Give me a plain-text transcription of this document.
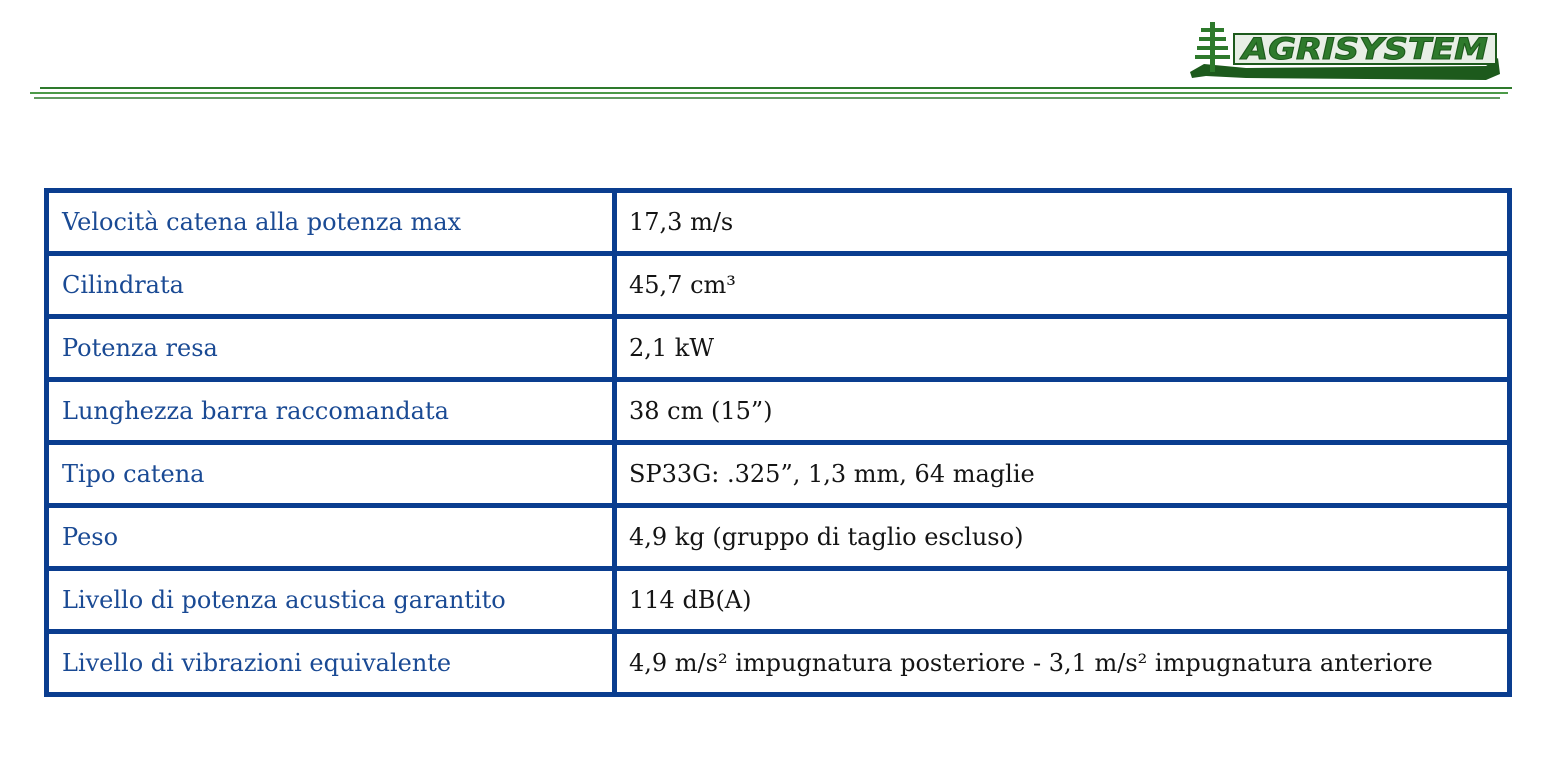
AGRISYSTEM
Velocità catena alla potenza max	17,3 m/s
Cilindrata	45,7 cm³
Potenza resa	2,1 kW
Lunghezza barra raccomandata	38 cm (15”)
Tipo catena	SP33G: .325”, 1,3 mm, 64 maglie
Peso	4,9 kg (gruppo di taglio escluso)
Livello di potenza acustica garantito	114 dB(A)
Livello di vibrazioni equivalente	4,9 m/s² impugnatura posteriore - 3,1 m/s² impugnatura anteriore
